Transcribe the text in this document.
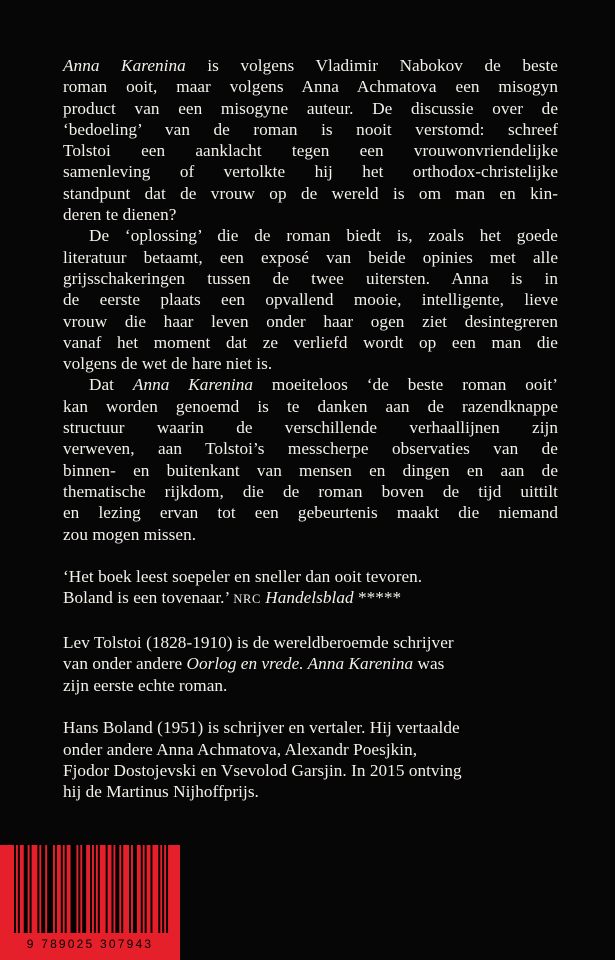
Anna Karenina is volgens Vladimir Nabokov de beste
roman ooit, maar volgens Anna Achmatova een misogyn
product van een misogyne auteur. De discussie over de
‘bedoeling’ van de roman is nooit verstomd: schreef
Tolstoi een aanklacht tegen een vrouwonvriendelijke
samenleving of vertolkte hij het orthodox-christelijke
standpunt dat de vrouw op de wereld is om man en kin-
deren te dienen?

De ‘oplossing’ die de roman biedt is, zoals het goede
literatuur betaamt, een exposé van beide opinies met alle
grijsschakeringen tussen de twee uitersten. Anna is in
de eerste plaats een opvallend mooie, intelligente, lieve
vrouw die haar leven onder haar ogen ziet desintegreren
vanaf het moment dat ze verliefd wordt op een man die
volgens de wet de hare niet is.

Dat Anna Karenina moeiteloos ‘de beste roman ooit’
kan worden genoemd is te danken aan de razendknappe
structuur waarin de verschillende verhaallijnen zijn
verweven, aan Tolstoi’s messcherpe observaties van de
binnen- en buitenkant van mensen en dingen en aan de
thematische rijkdom, die de roman boven de tijd uittilt
en lezing ervan tot een gebeurtenis maakt die niemand
zou mogen missen.

‘Het boek leest soepeler en sneller dan ooit tevoren.
Boland is een tovenaar.’ NRC Handelsblad *****

Lev Tolstoi (1828-1910) is de wereldberoemde schrijver
van onder andere Oorlog en vrede. Anna Karenina was
zijn eerste echte roman.

Hans Boland (1951) is schrijver en vertaler. Hij vertaalde
onder andere Anna Achmatova, Alexandr Poesjkin,
Fjodor Dostojevski en Vsevolod Garsjin. In 2015 ontving
hij de Martinus Nijhoffprijs.

9 789025 307943
